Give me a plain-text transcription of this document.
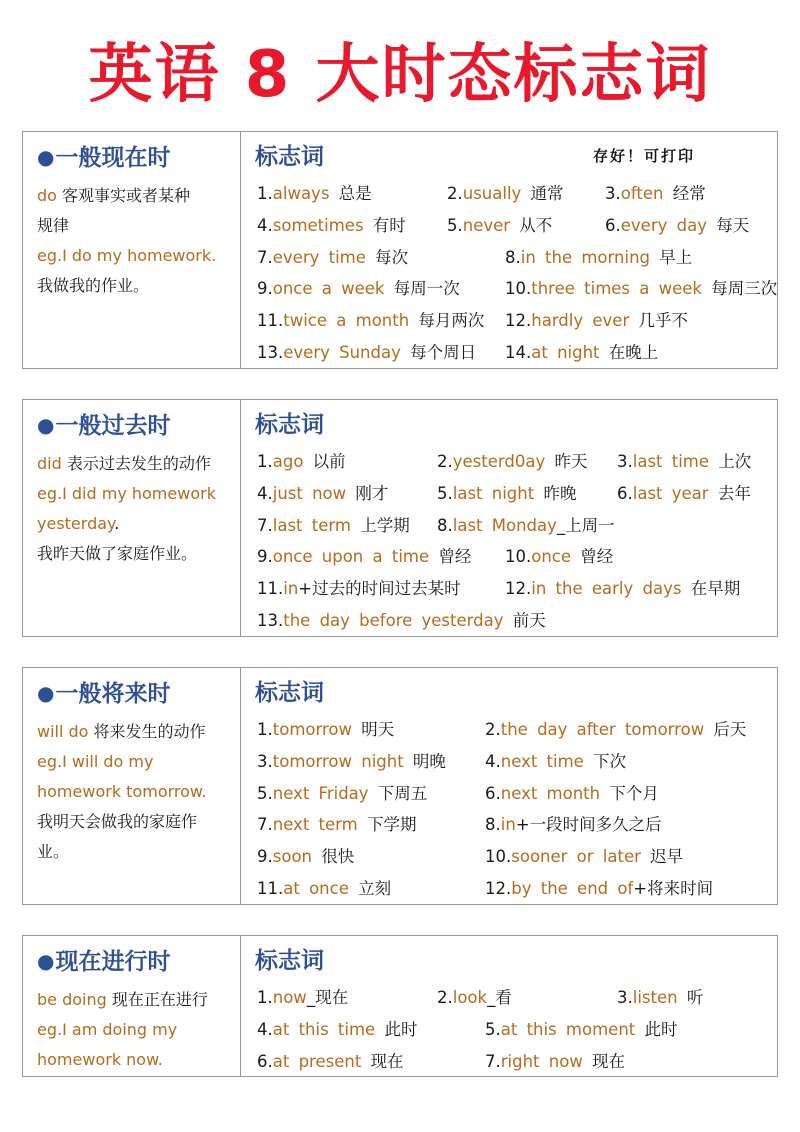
英语 8 大时态标志词
●一般现在时
do 客观事实或者某种
规律
eg.I do my homework.
我做我的作业。
标志词	存好！可打印
1.always 总是	2.usually 通常	3.often 经常
4.sometimes 有时 5.never 从不	6.every day 每天
7.every time 每次	8.in the morning 早上
9.once a week 每周一次	10.three times a week 每周三次
11.twice a month 每月两次 12.hardly ever 几乎不
13.every Sunday 每个周日 14.at night 在晚上
●一般过去时
did 表示过去发生的动作
eg.I did my homework
yesterday.
我昨天做了家庭作业。
标志词
1.ago 以前	2.yesterd0ay 昨天 3.last time 上次
4.just now 刚才	5.last night 昨晚 6.last year 去年
7.last term 上学期 8.last Monday_上周一
9.once upon a time 曾经 10.once 曾经
11.in+过去的时间过去某时	12.in the early days 在早期
13.the day before yesterday 前天
●一般将来时
will do 将来发生的动作
eg.I will do my
homework tomorrow.
我明天会做我的家庭作
业。
标志词
1.tomorrow 明天	2.the day after tomorrow 后天
3.tomorrow night 明晚 4.next time 下次
5.next Friday 下周五	6.next month 下个月
7.next term 下学期	8.in+一段时间多久之后
9.soon 很快	10.sooner or later 迟早
11.at once 立刻	12.by the end of+将来时间
●现在进行时
be doing 现在正在进行
eg.I am doing my
homework now.
标志词
1.now_现在	2.look_看	3.listen 听
4.at this time 此时	5.at this moment 此时
6.at present 现在	7.right now 现在
